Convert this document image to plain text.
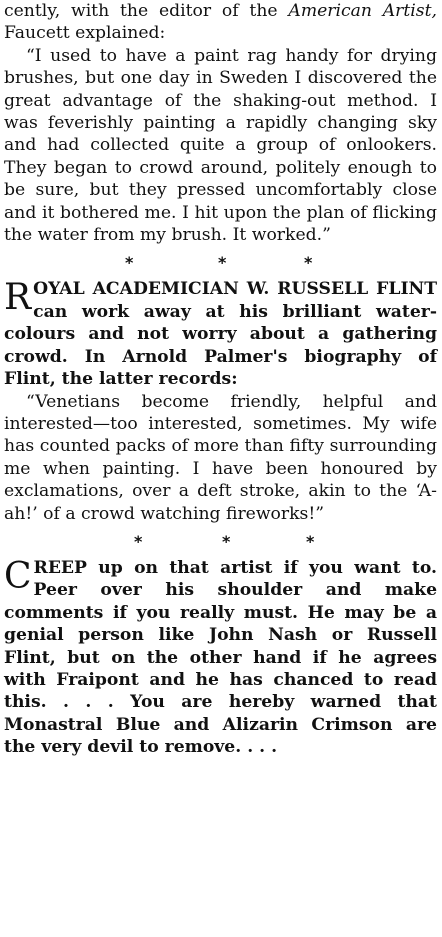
cently, with the editor of the American Artist, Faucett explained:

“I used to have a paint rag handy for drying brushes, but one day in Sweden I discovered the great advantage of the shaking-out method. I was feverishly painting a rapidly changing sky and had collected quite a group of onlookers. They began to crowd around, politely enough to be sure, but they pressed uncomfortably close and it bothered me. I hit upon the plan of flicking the water from my brush. It worked.”

*	*	*

ROYAL ACADEMICIAN W. RUSSELL FLINT can work away at his brilliant water-colours and not worry about a gathering crowd. In Arnold Palmer's biography of Flint, the latter records:

“Venetians become friendly, helpful and interested—too interested, sometimes. My wife has counted packs of more than fifty surrounding me when painting. I have been honoured by exclamations, over a deft stroke, akin to the ‘A-ah!’ of a crowd watching fireworks!”

*	*	*

CREEP up on that artist if you want to. Peer over his shoulder and make comments if you really must. He may be a genial person like John Nash or Russell Flint, but on the other hand if he agrees with Fraipont and he has chanced to read this. . . . You are hereby warned that Monastral Blue and Alizarin Crimson are the very devil to remove. . . .
